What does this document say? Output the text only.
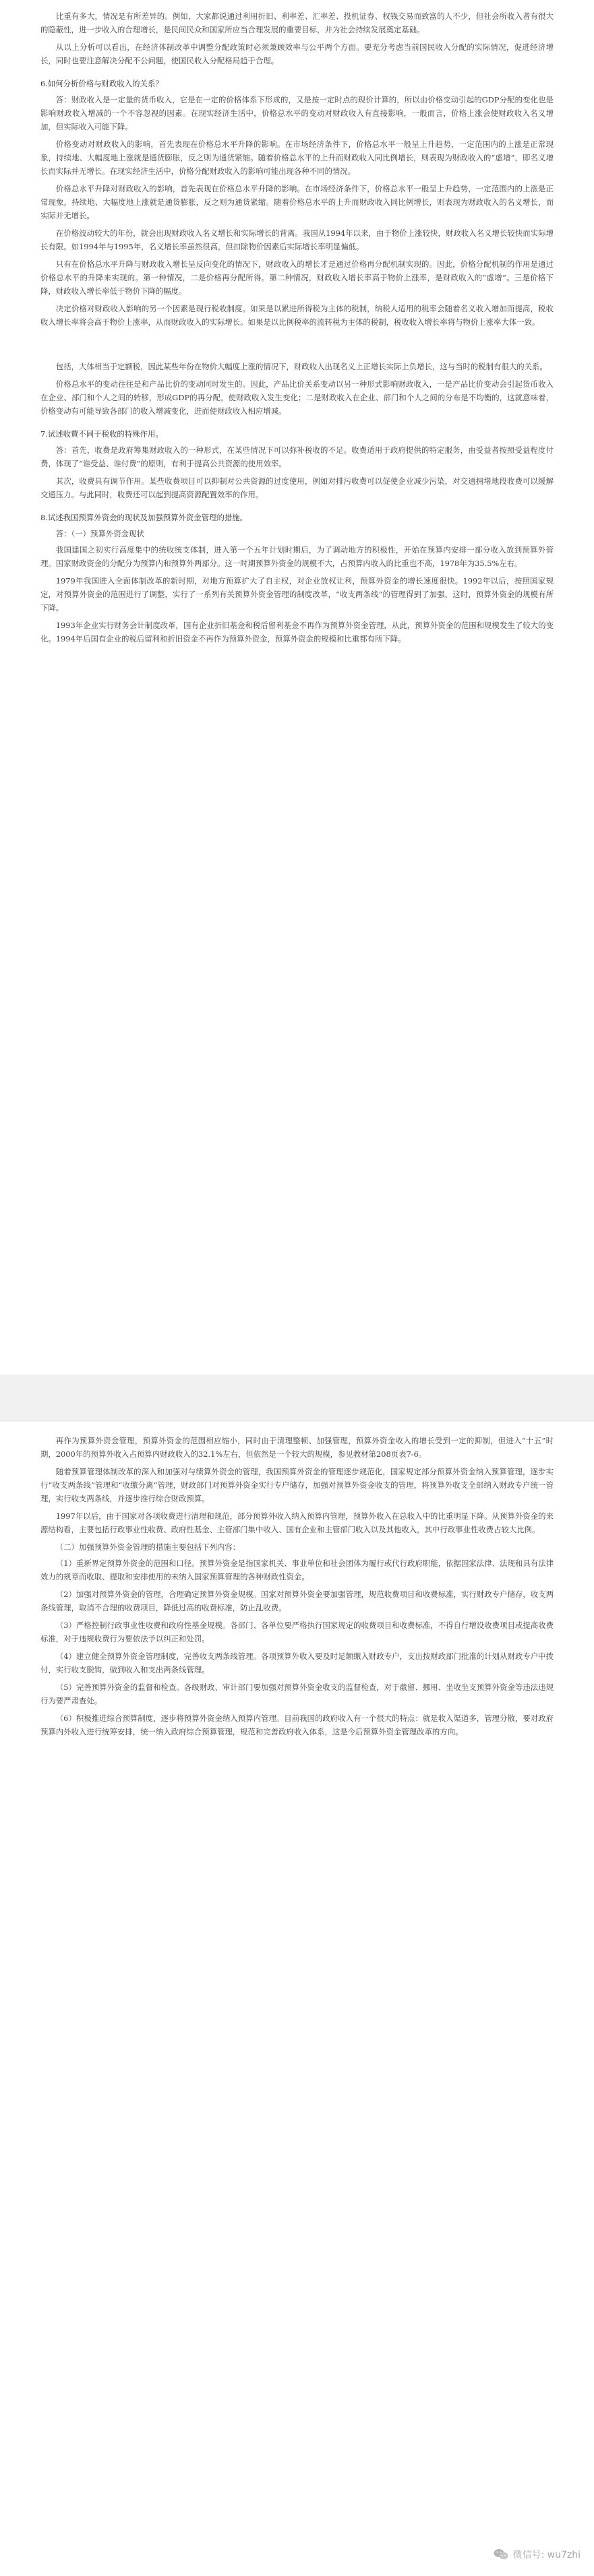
比重有多大，情况是有所差异的。例如，大家都说通过利用折旧、利率差、汇率差、投机证券、权钱交易而致富的人不少，但社会所收入者有很大的隐蔽性，进一步收入的合理增长，是民间民众和国家所应当合理发展的重要目标，并为社会持续发展奠定基础。

从以上分析可以看出，在经济体制改革中调整分配政策时必须兼顾效率与公平两个方面。要充分考虑当前国民收入分配的实际情况，促进经济增长，同时也要注意解决分配不公问题，使国民收入分配格局趋于合理。

6.如何分析价格与财政收入的关系？

答：财政收入是一定量的货币收入，它是在一定的价格体系下形成的，又是按一定时点的现价计算的，所以由价格变动引起的GDP分配的变化也是影响财政收入增减的一个不容忽视的因素。在现实经济生活中，价格总水平的变动对财政收入有直接影响，一般而言，价格上涨会使财政收入名义增加，但实际收入可能下降。

价格变动对财政收入的影响，首先表现在价格总水平升降的影响。在市场经济条件下，价格总水平一般呈上升趋势，一定范围内的上涨是正常现象，持续地、大幅度地上涨就是通货膨胀，反之则为通货紧缩。随着价格总水平的上升而财政收入同比例增长，则表现为财政收入的“虚增”，即名义增长而实际并无增长。在现实经济生活中，价格分配财政收入的影响可能出现各种不同的情况。

价格总水平升降对财政收入的影响，首先表现在价格总水平升降的影响。在市场经济条件下，价格总水平一般呈上升趋势，一定范围内的上涨是正常现象，持续地、大幅度地上涨就是通货膨胀，反之则为通货紧缩。随着价格总水平的上升而财政收入同比例增长，则表现为财政收入的名义增长，而实际并无增长。

在价格波动较大的年份，就会出现财政收入名义增长和实际增长的背离。我国从1994年以来，由于物价上涨较快，财政收入名义增长较快而实际增长有限。如1994年与1995年，名义增长率虽然很高，但扣除物价因素后实际增长率明显偏低。

只有在价格总水平升降与财政收入增长呈反向变化的情况下，财政收入的增长才是通过价格再分配机制实现的。因此，价格分配机制的作用是通过价格总水平的升降来实现的。第一种情况，二是价格再分配所得。第二种情况，财政收入增长率高于物价上涨率，是财政收入的“虚增”。三是价格下降，财政收入增长率低于物价下降的幅度。

决定价格对财政收入影响的另一个因素是现行税收制度。如果是以累进所得税为主体的税制，纳税人适用的税率会随着名义收入增加而提高，税收收入增长率将会高于物价上涨率，从而财政收入的实际增长。如果是以比例税率的流转税为主体的税制，税收收入增长率将与物价上涨率大体一致。

包括，大体相当于定额税，因此某些年份在物价大幅度上涨的情况下，财政收入出现名义上正增长实际上负增长，这与当时的税制有很大的关系。

价格总水平的变动往往是和产品比价的变动同时发生的。因此，产品比价关系变动以另一种形式影响财政收入，一是产品比价变动会引起货币收入在企业、部门和个人之间的转移，形成GDP的再分配，使财政收入发生变化；二是财政收入在企业、部门和个人之间的分布是不均衡的，这就意味着，价格变动有可能导致各部门的收入增减变化，进而使财政收入相应增减。

7.试述收費不同于税收的特殊作用。

答：首先，收费是政府筹集财政收入的一种形式，在某些情况下可以弥补税收的不足。收费适用于政府提供的特定服务，由受益者按照受益程度付费，体现了“谁受益、谁付费”的原则，有利于提高公共资源的使用效率。

其次，收费具有调节作用。某些收费项目可以抑制对公共资源的过度使用，例如对排污收费可以促使企业减少污染，对交通拥堵地段收费可以缓解交通压力。与此同时，收费还可以起到提高资源配置效率的作用。

8.试述我国预算外资金的现状及加强预算外资金管理的措施。
答：（一）预算外资金现状

我国建国之初实行高度集中的统收统支体制，进入第一个五年计划时期后，为了调动地方的积极性，开始在预算内安排一部分收入放到预算外管理。国家财政资金的分配分为预算内和预算外两部分。这一时期预算外资金的规模不大，占预算内收入的比重也不高，1978年为35.5%左右。

1979年我国进入全面体制改革的新时期，对地方预算扩大了自主权，对企业放权让利，预算外资金的增长速度很快。1992年以后，按照国家规定，对预算外资金的范围进行了调整，实行了一系列有关预算外资金管理的制度改革，“收支两条线”的管理得到了加强，这时，预算外资金的规模有所下降。

1993年企业实行财务会计制度改革，国有企业折旧基金和税后留利基金不再作为预算外资金管理，从此，预算外资金的范围和规模发生了较大的变化。1994年后国有企业的税后留利和折旧资金不再作为预算外资金，预算外资金的规模和比重都有所下降。

再作为预算外资金管理，预算外资金的范围相应缩小，同时由于清理整顿、加强管理，预算外资金收入的增长受到一定的抑制，但进入“十五”时期，2000年的预算外收入占预算内财政收入的32.1%左右，但依然是一个较大的规模，参见教材第208页表7-6。

随着预算管理体制改革的深入和加强对与绩算外资金的管理，我国预算外资金的管理逐步规范化，国家规定部分预算外资金纳入预算管理，逐步实行“收支两条线”管理和“收缴分离”管理，财政部门对预算外资金实行专户储存，加强对预算外资金收支的管理，将预算外收支全部纳入财政专户统一管理，实行收支两条线，并逐步推行综合财政预算。

1997年以后，由于国家对各项收费进行清理和规范，部分预算外收入纳入预算内管理，预算外收入在总收入中的比重明显下降。从预算外资金的来源结构看，主要包括行政事业性收费、政府性基金、主管部门集中收入、国有企业和主管部门收入以及其他收入，其中行政事业性收费占较大比例。

（二）加强预算外资金管理的措施主要包括下列内容：

（1）重新界定预算外资金的范围和口径。预算外资金是指国家机关、事业单位和社会团体为履行或代行政府职能，依据国家法律、法规和具有法律效力的规章而收取、提取和安排使用的未纳入国家预算管理的各种财政性资金。

（2）加强对预算外资金的管理，合理确定预算外资金规模。国家对预算外资金要加强管理，规范收费项目和收费标准，实行财政专户储存，收支两条线管理，取消不合理的收费项目，降低过高的收费标准，防止乱收费。

（3）严格控制行政事业性收费和政府性基金规模。各部门、各单位要严格执行国家规定的收费项目和收费标准，不得自行增设收费项目或提高收费标准，对于违规收费行为要依法予以纠正和处罚。

（4）建立健全预算外资金管理制度，完善收支两条线管理。各项预算外收入要及时足额缴入财政专户，支出按财政部门批准的计划从财政专户中拨付，实行收支脱钩，做到收入和支出两条线管理。

（5）完善预算外资金的监督和检查。各级财政、审计部门要加强对预算外资金收支的监督检查，对于截留、挪用、坐收坐支预算外资金等违法违规行为要严肃查处。

（6）积极推进综合预算制度，逐步将预算外资金纳入预算内管理。目前我国的政府收入有一个很大的特点：就是收入渠道多，管理分散，要对政府预算内外收入进行统筹安排，统一纳入政府综合预算管理，规范和完善政府收入体系，这是今后预算外资金管理改革的方向。

微信号: wu7zhi
